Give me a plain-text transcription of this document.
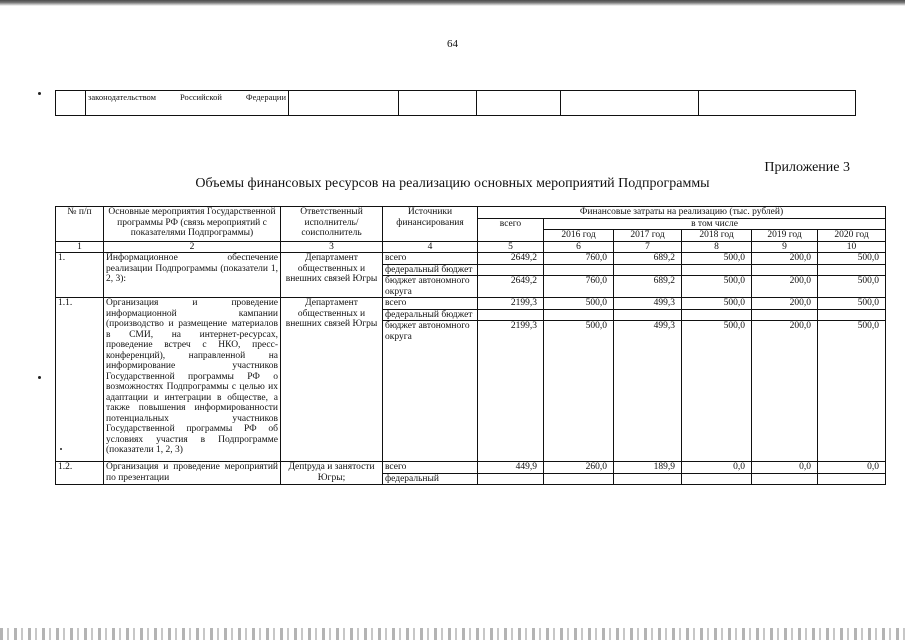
64
	законодательством Российской Федерации					
Приложение 3
Объемы финансовых ресурсов на реализацию основных мероприятий Подпрограммы
№ п/п	Основные мероприятия Государственной программы РФ (связь мероприятий с показателями Подпрограммы)	Ответственный исполнитель/соисполнитель	Источники финансирования	Финансовые затраты на реализацию (тыс. рублей)					
				всего	в том числе				
					2016 год	2017 год	2018 год	2019 год	2020 год
1	2	3	4	5	6	7	8	9	10
1.	Информационное обеспечение реализации Подпрограммы (показатели 1, 2, 3):	Департамент общественных и внешних связей Югры	всего	2649,2	760,0	689,2	500,0	200,0	500,0
			федеральный бюджет						
			бюджет автономного округа	2649,2	760,0	689,2	500,0	200,0	500,0
1.1.	Организация и проведение информационной кампании (производство и размещение материалов в СМИ, на интернет-ресурсах, проведение встреч с НКО, пресс-конференций), направленной на информирование участников Государственной программы РФ о возможностях Подпрограммы с целью их адаптации и интеграции в обществе, а также повышения информированности потенциальных участников Государственной программы РФ об условиях участия в Подпрограмме (показатели 1, 2, 3)	Департамент общественных и внешних связей Югры	всего	2199,3	500,0	499,3	500,0	200,0	500,0
			федеральный бюджет						
			бюджет автономного округа	2199,3	500,0	499,3	500,0	200,0	500,0
1.2.	Организация и проведение мероприятий по презентации	Депtруда и занятости Югры;	всего	449,9	260,0	189,9	0,0	0,0	0,0
			федеральный						
